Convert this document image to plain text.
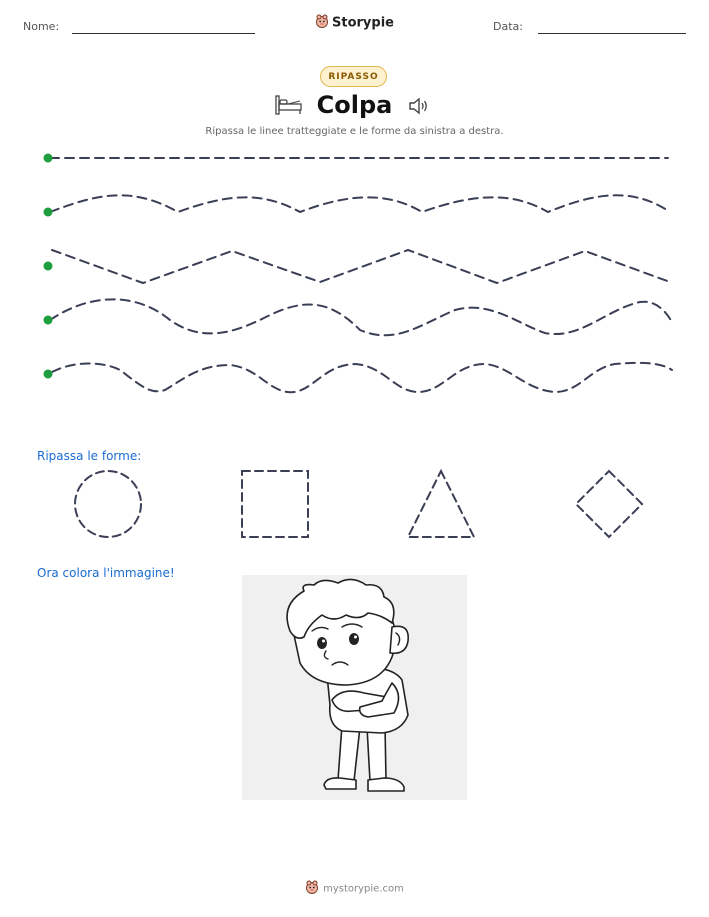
Nome:	Storypie	Data:
RIPASSO
Colpa
Ripassa le linee tratteggiate e le forme da sinistra a destra.
Ripassa le forme:
Ora colora l'immagine!
mystorypie.com
